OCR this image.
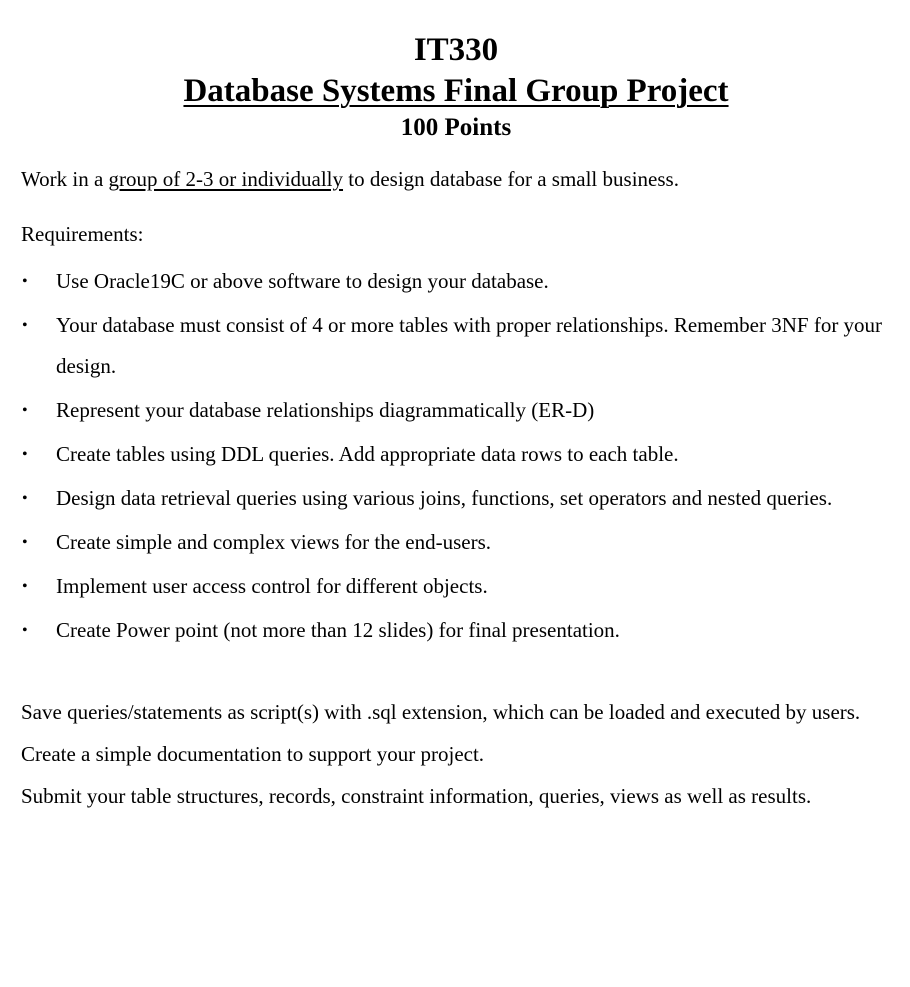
IT330
Database Systems Final Group Project
100 Points

Work in a group of 2-3 or individually to design database for a small business.

Requirements:

• Use Oracle19C or above software to design your database.
• Your database must consist of 4 or more tables with proper relationships. Remember 3NF for your design.
• Represent your database relationships diagrammatically (ER-D)
• Create tables using DDL queries. Add appropriate data rows to each table.
• Design data retrieval queries using various joins, functions, set operators and nested queries.
• Create simple and complex views for the end-users.
• Implement user access control for different objects.
• Create Power point (not more than 12 slides) for final presentation.

Save queries/statements as script(s) with .sql extension, which can be loaded and executed by users.

Create a simple documentation to support your project.

Submit your table structures, records, constraint information, queries, views as well as results.
